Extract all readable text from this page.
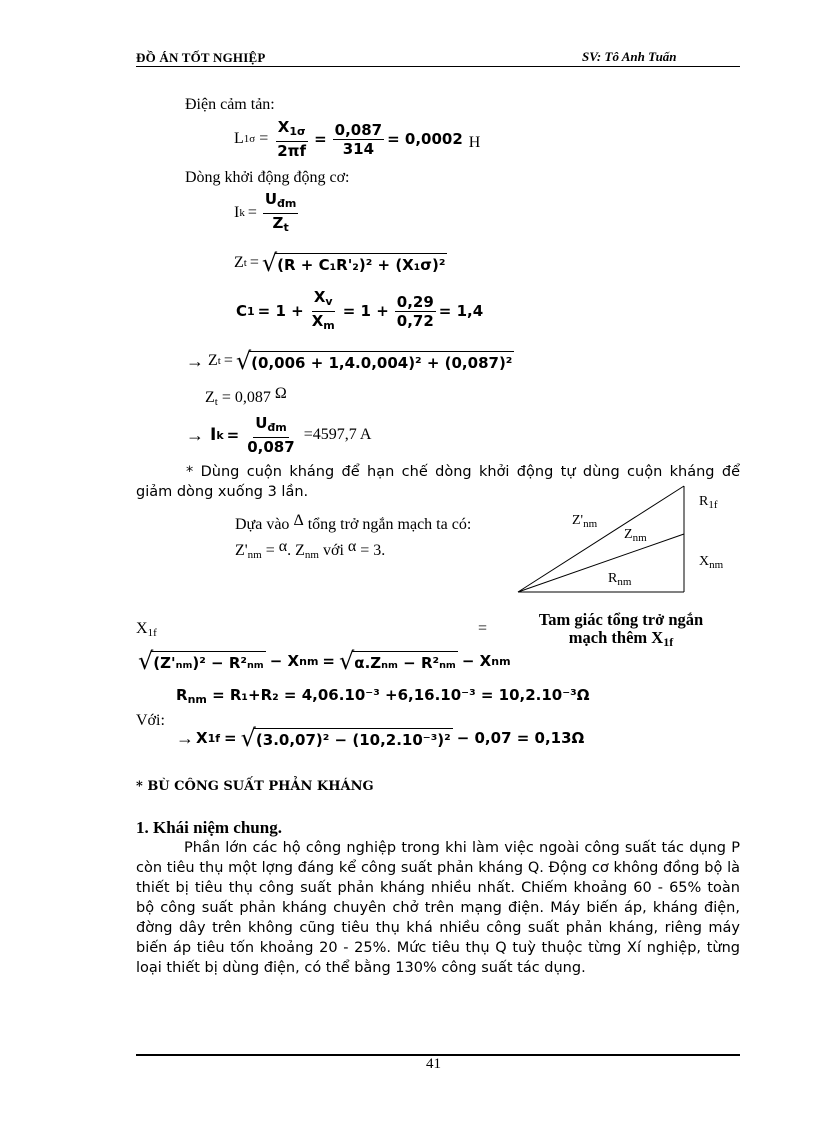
ĐỒ ÁN TỐT NGHIỆP	SV: Tô Anh Tuấn
Điện cảm tản:
L 1 $\sigma = \frac{X_{1\sigma}}{2\pi f} = \frac{0,087}{314} = 0,0002$ H
Dòng khởi động động cơ:
I $k = \frac{U_{đm}}{Z_t}$
Z t = √(R + C₁R'₂)² + (X₁σ)²
C $1 = 1 + \frac{X_v}{X_m} = 1 + \frac{0,29}{0,72} = 1,4$
→ Z t = √(0,006 + 1,4.0,004)² + (0,087)²
$Z_t = 0,087$ Ω
→ I $k = \frac{U_{đm}}{0,087} =4597,7$ A
* Dùng cuộn kháng để hạn chế dòng khởi động tự dùng cuộn kháng để giảm dòng xuống 3 lần.
Dựa vào Δ tổng trở ngắn mạch ta có:
$Z'_{nm} = \alpha$. $Z_{nm}$ với α = 3.
$R_{1f}$
$Z'_{nm}$
$Z_{nm}$
$X_{nm}$
$R_{nm}$
Tam giác tổng trở ngắn
mạch thêm X1f
$X_{1f}$	=
√(Z'ₙₘ)² − R²ₙₘ − X nm = √α.Zₙₘ − R²ₙₘ − X nm
$R_{nm} = R_1+R_2 = 4,06.10^{-3} +6,16.10^{-3} = 10,2.10^{-3}\Omega$
Với:
→ X 1f = √(3.0,07)² − (10,2.10⁻³)² − 0,07 = 0,13Ω
* BÙ CÔNG SUẤT PHẢN KHÁNG
1. Khái niệm chung.
Phần lớn các hộ công nghiệp trong khi làm việc ngoài công suất tác dụng P còn tiêu thụ một lợng đáng kể công suất phản kháng Q. Động cơ không đồng bộ là thiết bị tiêu thụ công suất phản kháng nhiều nhất. Chiếm khoảng 60 - 65% toàn bộ công suất phản kháng chuyên chở trên mạng điện. Máy biến áp, kháng điện, đờng dây trên không cũng tiêu thụ khá nhiều công suất phản kháng, riêng máy biến áp tiêu tốn khoảng 20 - 25%. Mức tiêu thụ Q tuỳ thuộc từng Xí nghiệp, từng loại thiết bị dùng điện, có thể bằng 130% công suất tác dụng.
41
